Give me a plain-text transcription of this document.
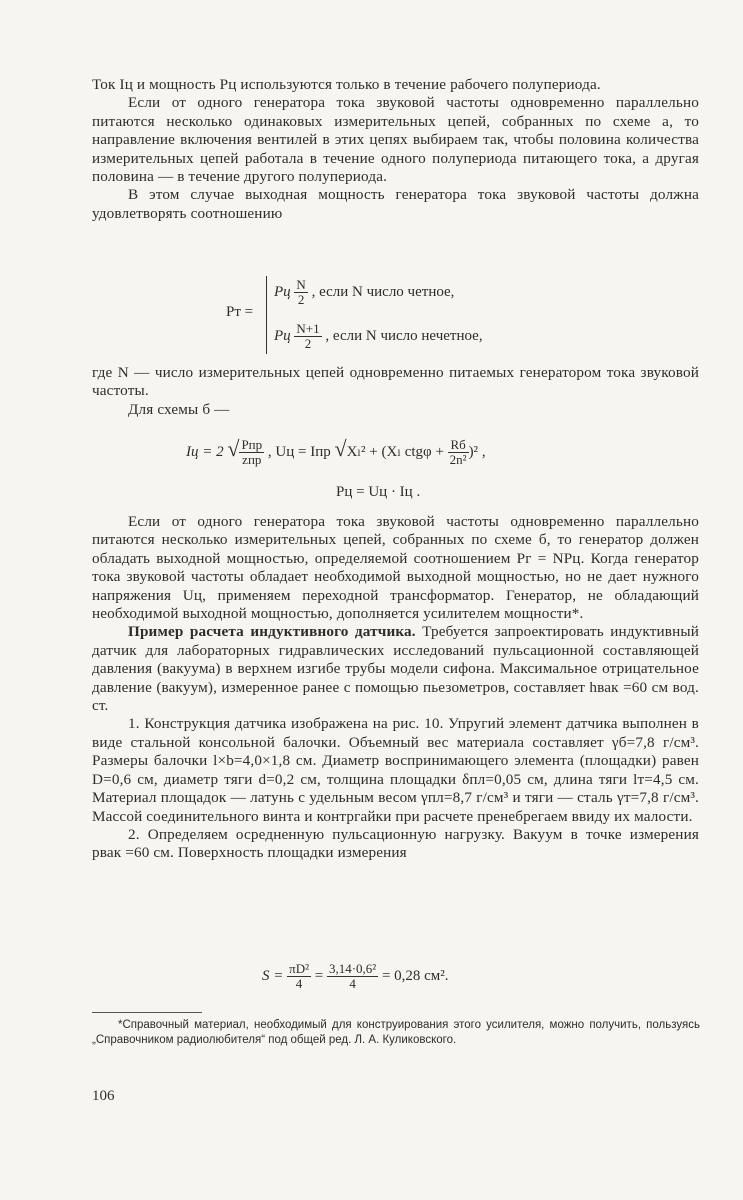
Ток Iц и мощность Pц используются только в течение рабочего полупериода.

Если от одного генератора тока звуковой частоты одновременно параллельно питаются несколько одинаковых измерительных цепей, собранных по схеме а, то направление включения вентилей в этих цепях выбираем так, чтобы половина количества измерительных цепей работала в течение одного полупериода питающего тока, а другая половина — в течение другого полупериода.

В этом случае выходная мощность генератора тока звуковой частоты должна удовлетворять соотношению

Pт =
Pц $\frac{N}{2}$ , если N число четное,
Pц $\frac{N+1}{2}$ , если N число нечетное,

где N — число измерительных цепей одновременно питаемых генератором тока звуковой частоты.

Для схемы б —

Iц = 2 √ $\frac{\text{Pпр}}{\text{zпр}}$ , Uц = Iпр √Xₗ² + (Xₗ $ctg\varphi + \frac{Rб}{\text{2n²}} )^2$ ,
Pц = Uц · Iц .

Если от одного генератора тока звуковой частоты одновременно параллельно питаются несколько измерительных цепей, собранных по схеме б, то генератор должен обладать выходной мощностью, определяемой соотношением Pг = NPц. Когда генератор тока звуковой частоты обладает необходимой выходной мощностью, но не дает нужного напряжения Uц, применяем переходной трансформатор. Генератор, не обладающий необходимой выходной мощностью, дополняется усилителем мощности*.

Пример расчета индуктивного датчика. Требуется запроектировать индуктивный датчик для лабораторных гидравлических исследований пульсационной составляющей давления (вакуума) в верхнем изгибе трубы модели сифона. Максимальное отрицательное давление (вакуум), измеренное ранее с помощью пьезометров, составляет hвак =60 см вод. ст.

1. Конструкция датчика изображена на рис. 10. Упругий элемент датчика выполнен в виде стальной консольной балочки. Объемный вес материала составляет γб=7,8 г/см³. Размеры балочки l×b=4,0×1,8 см. Диаметр воспринимающего элемента (площадки) равен D=0,6 см, диаметр тяги d=0,2 см, толщина площадки δпл=0,05 см, длина тяги lт=4,5 см. Материал площадок — латунь с удельным весом γпл=8,7 г/см³ и тяги — сталь γт=7,8 г/см³. Массой соединительного винта и контргайки при расчете пренебрегаем ввиду их малости.

2. Определяем осредненную пульсационную нагрузку. Вакуум в точке измерения pвак =60 см. Поверхность площадки измерения

$S = \frac{\text{πD²}}{4} = \frac{\text{3,14·0,6²}}{4} = 0,28$ см².
*Справочный материал, необходимый для конструирования этого усилителя, можно получить, пользуясь „Справочником радиолюбителя“ под общей ред. Л. А. Куликовского.
106
